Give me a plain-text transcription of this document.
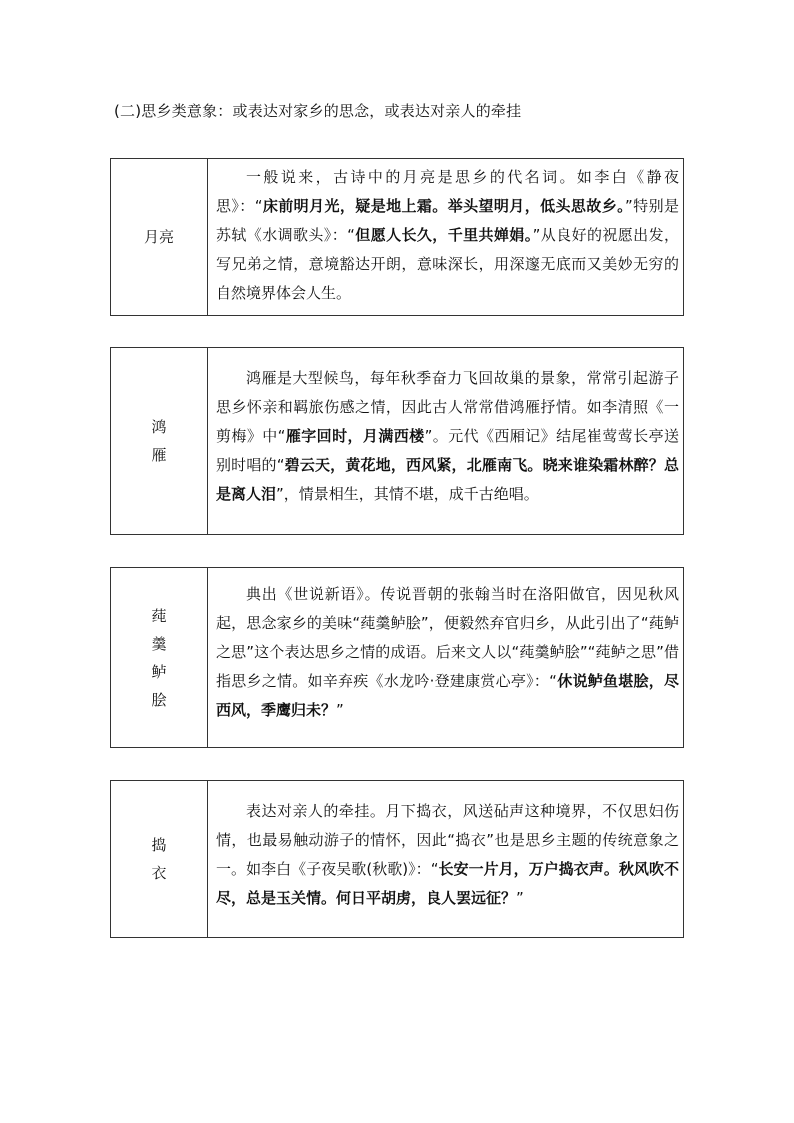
(二)思乡类意象：或表达对家乡的思念，或表达对亲人的牵挂
月亮
一般说来，古诗中的月亮是思乡的代名词。如李白《静夜思》：“床前明月光，疑是地上霜。举头望明月，低头思故乡。”特别是苏轼《水调歌头》：“但愿人长久，千里共婵娟。”从良好的祝愿出发，写兄弟之情，意境豁达开朗，意味深长，用深邃无底而又美妙无穷的自然境界体会人生。
鸿
雁
鸿雁是大型候鸟，每年秋季奋力飞回故巢的景象，常常引起游子思乡怀亲和羁旅伤感之情，因此古人常常借鸿雁抒情。如李清照《一剪梅》中“雁字回时，月满西楼”。元代《西厢记》结尾崔莺莺长亭送别时唱的“碧云天，黄花地，西风紧，北雁南飞。晓来谁染霜林醉？总是离人泪”，情景相生，其情不堪，成千古绝唱。
莼
羹
鲈
脍
典出《世说新语》。传说晋朝的张翰当时在洛阳做官，因见秋风起，思念家乡的美味“莼羹鲈脍”，便毅然弃官归乡，从此引出了“莼鲈之思”这个表达思乡之情的成语。后来文人以“莼羹鲈脍”“莼鲈之思”借指思乡之情。如辛弃疾《水龙吟·登建康赏心亭》：“休说鲈鱼堪脍，尽西风，季鹰归未？”
捣
衣
表达对亲人的牵挂。月下捣衣，风送砧声这种境界，不仅思妇伤情，也最易触动游子的情怀，因此“捣衣”也是思乡主题的传统意象之一。如李白《子夜吴歌(秋歌)》：“长安一片月，万户捣衣声。秋风吹不尽，总是玉关情。何日平胡虏，良人罢远征？”
